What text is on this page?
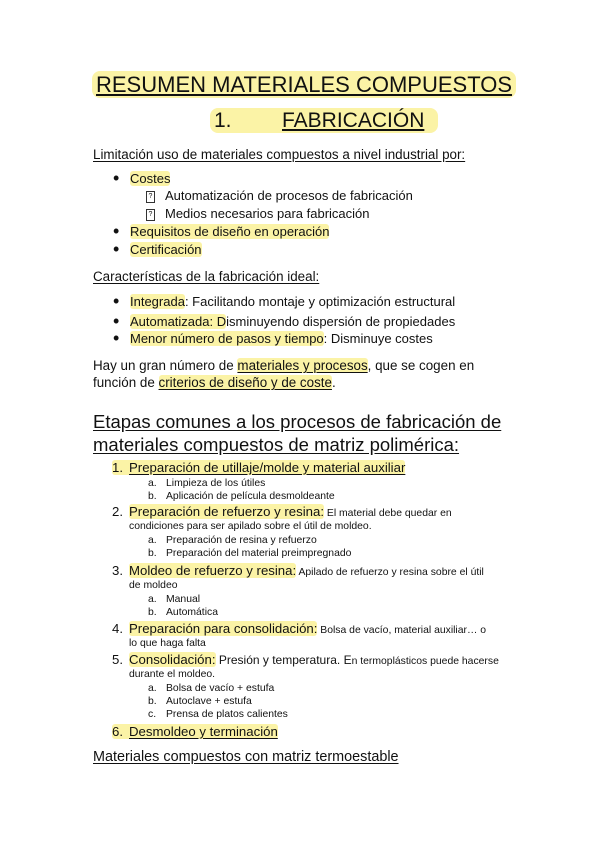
RESUMEN MATERIALES COMPUESTOS
1. FABRICACIÓN
Limitación uso de materiales compuestos a nivel industrial por:
• Costes
? Automatización de procesos de fabricación
? Medios necesarios para fabricación
• Requisitos de diseño en operación
• Certificación
Características de la fabricación ideal:
• Integrada: Facilitando montaje y optimización estructural
• Automatizada: Disminuyendo dispersión de propiedades
• Menor número de pasos y tiempo: Disminuye costes
Hay un gran número de materiales y procesos, que se cogen en
función de criterios de diseño y de coste.
Etapas comunes a los procesos de fabricación de
materiales compuestos de matriz polimérica:
1. Preparación de utillaje/molde y material auxiliar
a. Limpieza de los útiles
b. Aplicación de película desmoldeante
2. Preparación de refuerzo y resina: El material debe quedar en
condiciones para ser apilado sobre el útil de moldeo.
a. Preparación de resina y refuerzo
b. Preparación del material preimpregnado
3. Moldeo de refuerzo y resina: Apilado de refuerzo y resina sobre el útil
de moldeo
a. Manual
b. Automática
4. Preparación para consolidación: Bolsa de vacío, material auxiliar… o
lo que haga falta
5. Consolidación: Presión y temperatura. En termoplásticos puede hacerse
durante el moldeo.
a. Bolsa de vacío + estufa
b. Autoclave + estufa
c. Prensa de platos calientes
6. Desmoldeo y terminación
Materiales compuestos con matriz termoestable
